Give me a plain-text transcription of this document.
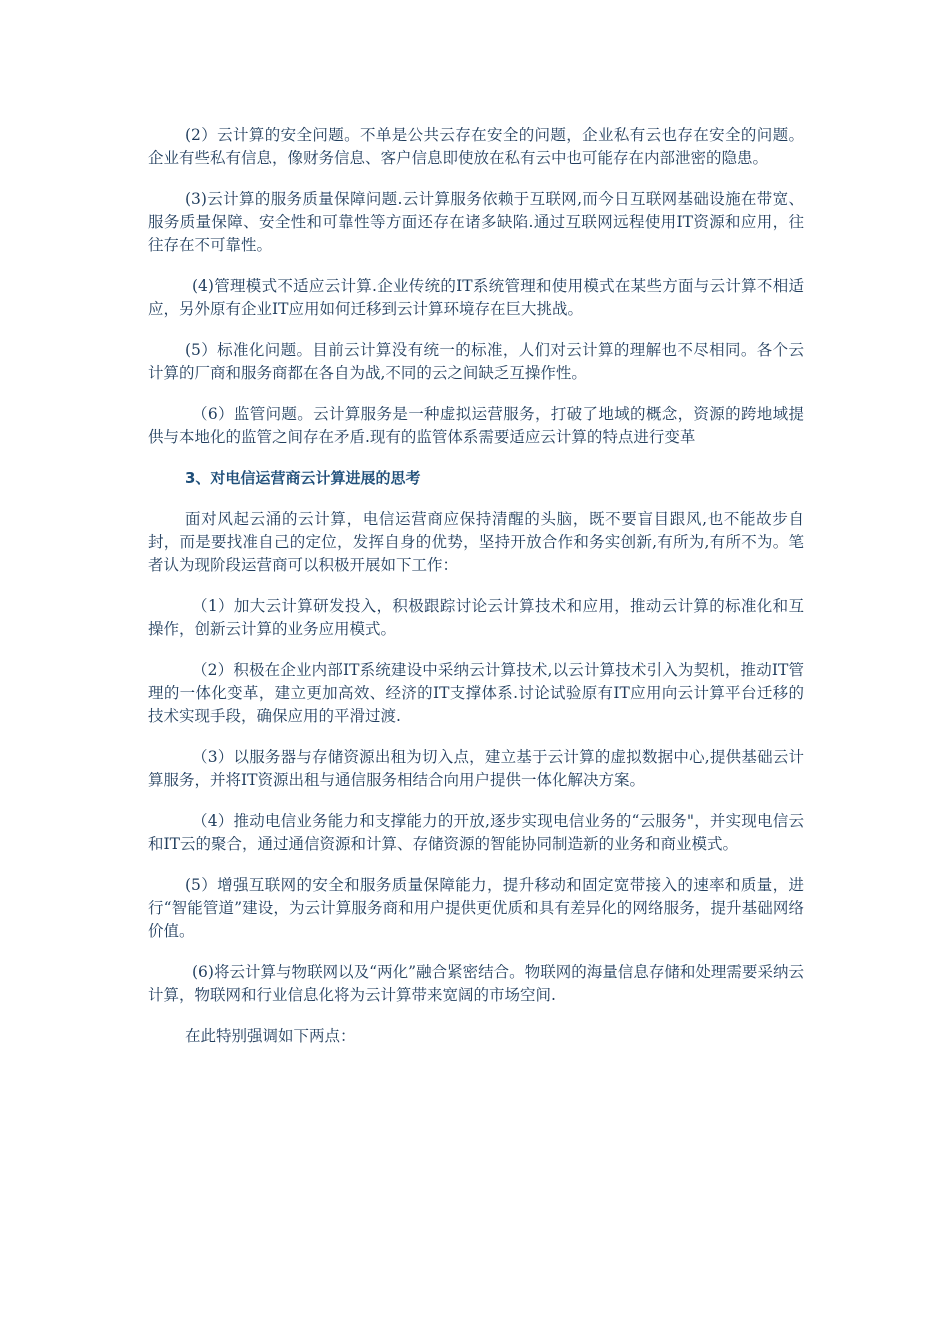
(2）云计算的安全问题。不单是公共云存在安全的问题，企业私有云也存在安全的问题。企业有些私有信息，像财务信息、客户信息即使放在私有云中也可能存在内部泄密的隐患。

(3)云计算的服务质量保障问题.云计算服务依赖于互联网,而今日互联网基础设施在带宽、服务质量保障、安全性和可靠性等方面还存在诸多缺陷.通过互联网远程使用IT资源和应用，往往存在不可靠性。

(4)管理模式不适应云计算.企业传统的IT系统管理和使用模式在某些方面与云计算不相适应，另外原有企业IT应用如何迁移到云计算环境存在巨大挑战。

(5）标准化问题。目前云计算没有统一的标准，人们对云计算的理解也不尽相同。各个云计算的厂商和服务商都在各自为战,不同的云之间缺乏互操作性。

（6）监管问题。云计算服务是一种虚拟运营服务，打破了地域的概念，资源的跨地域提供与本地化的监管之间存在矛盾.现有的监管体系需要适应云计算的特点进行变革

3、对电信运营商云计算进展的思考

面对风起云涌的云计算，电信运营商应保持清醒的头脑，既不要盲目跟风,也不能故步自封，而是要找准自己的定位，发挥自身的优势，坚持开放合作和务实创新,有所为,有所不为。笔者认为现阶段运营商可以积极开展如下工作：

（1）加大云计算研发投入，积极跟踪讨论云计算技术和应用，推动云计算的标准化和互操作，创新云计算的业务应用模式。

（2）积极在企业内部IT系统建设中采纳云计算技术,以云计算技术引入为契机，推动IT管理的一体化变革，建立更加高效、经济的IT支撑体系.讨论试验原有IT应用向云计算平台迁移的技术实现手段，确保应用的平滑过渡.

（3）以服务器与存储资源出租为切入点，建立基于云计算的虚拟数据中心,提供基础云计算服务，并将IT资源出租与通信服务相结合向用户提供一体化解决方案。

（4）推动电信业务能力和支撑能力的开放,逐步实现电信业务的“云服务"，并实现电信云和IT云的聚合，通过通信资源和计算、存储资源的智能协同制造新的业务和商业模式。

(5）增强互联网的安全和服务质量保障能力，提升移动和固定宽带接入的速率和质量，进行“智能管道”建设，为云计算服务商和用户提供更优质和具有差异化的网络服务，提升基础网络价值。

(6)将云计算与物联网以及“两化”融合紧密结合。物联网的海量信息存储和处理需要采纳云计算，物联网和行业信息化将为云计算带来宽阔的市场空间.

在此特别强调如下两点：
